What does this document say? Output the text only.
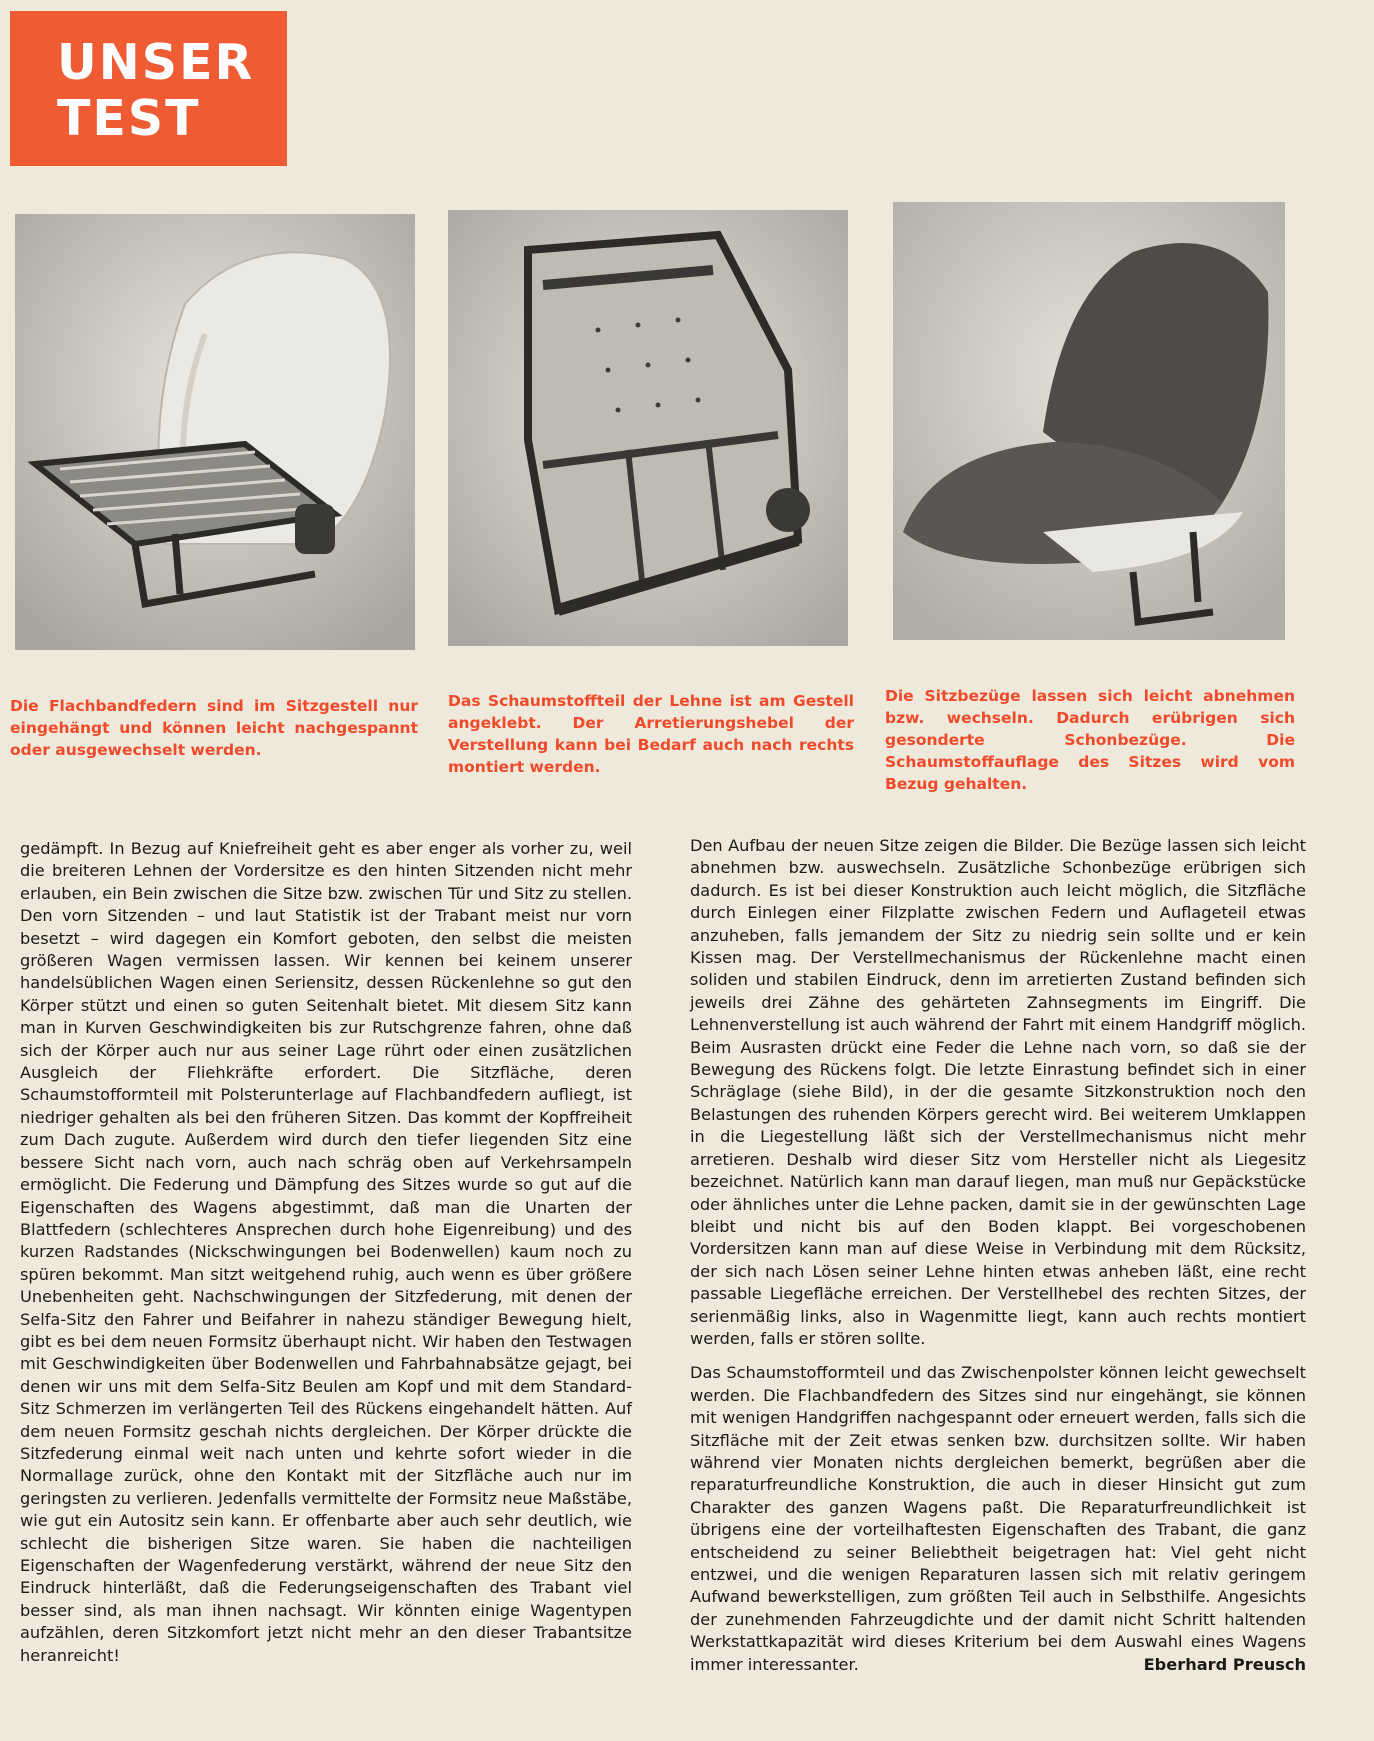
UNSER
TEST
Die Flachbandfedern sind im Sitzgestell nur eingehängt und können leicht nachgespannt oder ausgewechselt werden.
Das Schaumstoffteil der Lehne ist am Gestell angeklebt. Der Arretierungshebel der Verstellung kann bei Bedarf auch nach rechts montiert werden.
Die Sitzbezüge lassen sich leicht abnehmen bzw. wechseln. Dadurch erübrigen sich gesonderte Schonbezüge. Die Schaumstoffauflage des Sitzes wird vom Bezug gehalten.

gedämpft. In Bezug auf Kniefreiheit geht es aber enger als vorher zu, weil die breiteren Lehnen der Vordersitze es den hinten Sitzenden nicht mehr erlauben, ein Bein zwischen die Sitze bzw. zwischen Tür und Sitz zu stellen. Den vorn Sitzenden – und laut Statistik ist der Trabant meist nur vorn besetzt – wird dagegen ein Komfort geboten, den selbst die meisten größeren Wagen vermissen lassen. Wir kennen bei keinem unserer handelsüblichen Wagen einen Seriensitz, dessen Rückenlehne so gut den Körper stützt und einen so guten Seitenhalt bietet. Mit diesem Sitz kann man in Kurven Geschwindigkeiten bis zur Rutschgrenze fahren, ohne daß sich der Körper auch nur aus seiner Lage rührt oder einen zusätzlichen Ausgleich der Fliehkräfte erfordert. Die Sitzfläche, deren Schaumstofformteil mit Polsterunterlage auf Flachbandfedern aufliegt, ist niedriger gehalten als bei den früheren Sitzen. Das kommt der Kopffreiheit zum Dach zugute. Außerdem wird durch den tiefer liegenden Sitz eine bessere Sicht nach vorn, auch nach schräg oben auf Verkehrsampeln ermöglicht. Die Federung und Dämpfung des Sitzes wurde so gut auf die Eigenschaften des Wagens abgestimmt, daß man die Unarten der Blattfedern (schlechteres Ansprechen durch hohe Eigenreibung) und des kurzen Radstandes (Nickschwingungen bei Bodenwellen) kaum noch zu spüren bekommt. Man sitzt weitgehend ruhig, auch wenn es über größere Unebenheiten geht. Nachschwingungen der Sitzfederung, mit denen der Selfa-Sitz den Fahrer und Beifahrer in nahezu ständiger Bewegung hielt, gibt es bei dem neuen Formsitz überhaupt nicht. Wir haben den Testwagen mit Geschwindigkeiten über Bodenwellen und Fahrbahnabsätze gejagt, bei denen wir uns mit dem Selfa-Sitz Beulen am Kopf und mit dem Standard-Sitz Schmerzen im verlängerten Teil des Rückens eingehandelt hätten. Auf dem neuen Formsitz geschah nichts dergleichen. Der Körper drückte die Sitzfederung einmal weit nach unten und kehrte sofort wieder in die Normallage zurück, ohne den Kontakt mit der Sitzfläche auch nur im geringsten zu verlieren. Jedenfalls vermittelte der Formsitz neue Maßstäbe, wie gut ein Autositz sein kann. Er offenbarte aber auch sehr deutlich, wie schlecht die bisherigen Sitze waren. Sie haben die nachteiligen Eigenschaften der Wagenfederung verstärkt, während der neue Sitz den Eindruck hinterläßt, daß die Federungseigenschaften des Trabant viel besser sind, als man ihnen nachsagt. Wir könnten einige Wagentypen aufzählen, deren Sitzkomfort jetzt nicht mehr an den dieser Trabantsitze heranreicht!

Den Aufbau der neuen Sitze zeigen die Bilder. Die Bezüge lassen sich leicht abnehmen bzw. auswechseln. Zusätzliche Schonbezüge erübrigen sich dadurch. Es ist bei dieser Konstruktion auch leicht möglich, die Sitzfläche durch Einlegen einer Filzplatte zwischen Federn und Auflageteil etwas anzuheben, falls jemandem der Sitz zu niedrig sein sollte und er kein Kissen mag. Der Verstellmechanismus der Rückenlehne macht einen soliden und stabilen Eindruck, denn im arretierten Zustand befinden sich jeweils drei Zähne des gehärteten Zahnsegments im Eingriff. Die Lehnenverstellung ist auch während der Fahrt mit einem Handgriff möglich. Beim Ausrasten drückt eine Feder die Lehne nach vorn, so daß sie der Bewegung des Rückens folgt. Die letzte Einrastung befindet sich in einer Schräglage (siehe Bild), in der die gesamte Sitzkonstruktion noch den Belastungen des ruhenden Körpers gerecht wird. Bei weiterem Umklappen in die Liegestellung läßt sich der Verstellmechanismus nicht mehr arretieren. Deshalb wird dieser Sitz vom Hersteller nicht als Liegesitz bezeichnet. Natürlich kann man darauf liegen, man muß nur Gepäckstücke oder ähnliches unter die Lehne packen, damit sie in der gewünschten Lage bleibt und nicht bis auf den Boden klappt. Bei vorgeschobenen Vordersitzen kann man auf diese Weise in Verbindung mit dem Rücksitz, der sich nach Lösen seiner Lehne hinten etwas anheben läßt, eine recht passable Liegefläche erreichen. Der Verstellhebel des rechten Sitzes, der serienmäßig links, also in Wagenmitte liegt, kann auch rechts montiert werden, falls er stören sollte.

Das Schaumstofformteil und das Zwischenpolster können leicht gewechselt werden. Die Flachbandfedern des Sitzes sind nur eingehängt, sie können mit wenigen Handgriffen nachgespannt oder erneuert werden, falls sich die Sitzfläche mit der Zeit etwas senken bzw. durchsitzen sollte. Wir haben während vier Monaten nichts dergleichen bemerkt, begrüßen aber die reparaturfreundliche Konstruktion, die auch in dieser Hinsicht gut zum Charakter des ganzen Wagens paßt. Die Reparaturfreundlichkeit ist übrigens eine der vorteilhaftesten Eigenschaften des Trabant, die ganz entscheidend zu seiner Beliebtheit beigetragen hat: Viel geht nicht entzwei, und die wenigen Reparaturen lassen sich mit relativ geringem Aufwand bewerkstelligen, zum größten Teil auch in Selbsthilfe. Angesichts der zunehmenden Fahrzeugdichte und der damit nicht Schritt haltenden Werkstattkapazität wird dieses Kriterium bei dem Auswahl eines Wagens immer interessanter.	Eberhard Preusch
